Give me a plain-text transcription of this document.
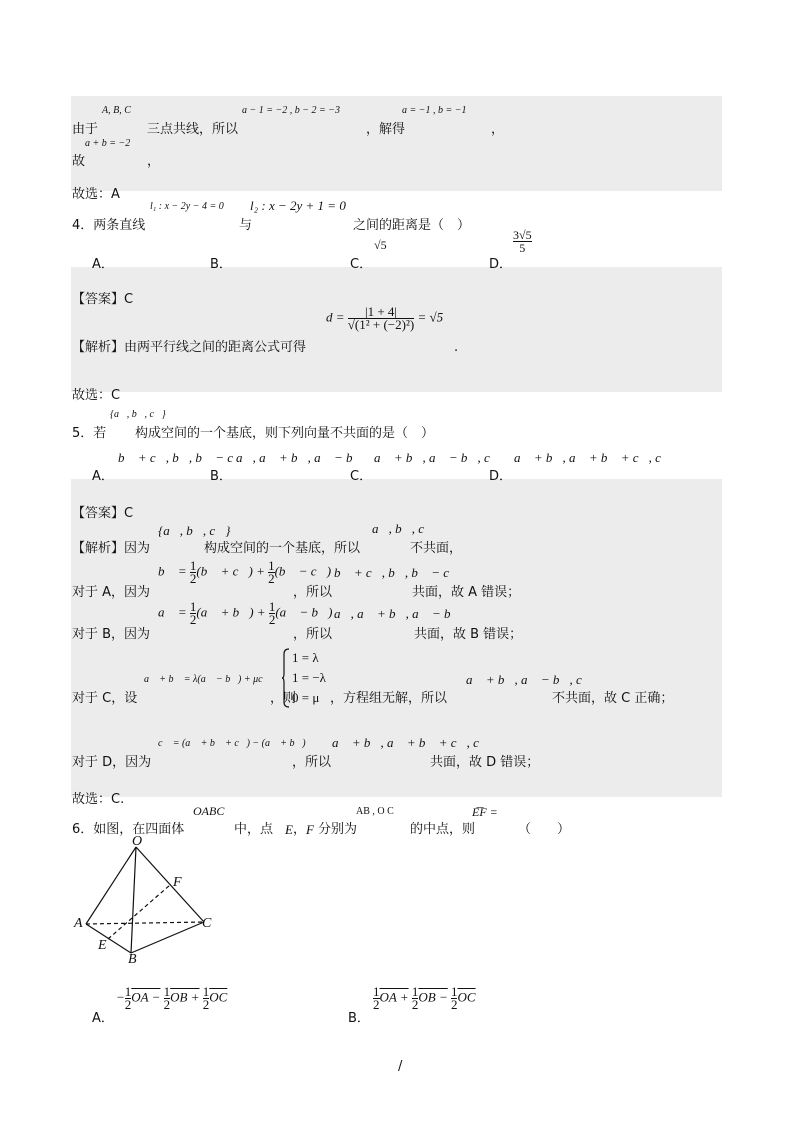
A, B, C	a − 1 = −2 , b − 2 = −3	a = −1 , b = −1
由于	三点共线，所以	，解得	，
a + b = −2
故	，
故选：A
l₁ : x − 2y − 4 = 0 l₂ : x − 2y + 1 = 0
4．两条直线	与	之间的距离是（　）
A．	B．	C．
√5
D．
$\frac{3√5}{5}$
【答案】C
$d = \frac{|1 + 4|}{\text{√(1² + (−2)²)}} = √5$
【解析】由两平行线之间的距离公式可得	.
故选：C
{a⃗, b⃗, c⃗}
5．若 构成空间的一个基底，则下列向量不共面的是（　）
b⃗ + c⃗, b⃗, b⃗ − c⃗
a⃗, a⃗ + b⃗, a⃗ − b⃗ a⃗ + b⃗, a⃗ − b⃗, c⃗ a⃗ + b⃗, a⃗ + b⃗ + c⃗, c⃗
A．	B．	C．	D．
【答案】C
{a⃗, b⃗, c⃗}	a⃗, b⃗, c⃗
【解析】因为	构成空间的一个基底，所以	不共面，
b⃗ = $\frac{1}{2}$ (b⃗ + c⃗) + $\frac{1}{2}$ (b⃗ − c⃗) b⃗ + c⃗, b⃗, b⃗ − c⃗
对于 A，因为	，所以	共面，故 A 错误；
a⃗ = $\frac{1}{2}$ (a⃗ + b⃗) + $\frac{1}{2}$ (a⃗ − b⃗) a⃗, a⃗ + b⃗, a⃗ − b⃗
对于 B，因为	，所以	共面，故 B 错误；
a⃗ + b⃗ = λ(a⃗ − b⃗) + μc⃗
1 = λ
1 = −λ
0 = μ
a⃗ + b⃗, a⃗ − b⃗, c⃗
对于 C，设	，则	，方程组无解，所以	不共面，故 C 正确；
c⃗ = (a⃗ + b⃗ + c⃗) − (a⃗ + b⃗) a⃗ + b⃗, a⃗ + b⃗ + c⃗, c⃗
对于 D，因为	，所以	共面，故 D 错误；
故选：C.
OABC	AB , O C	E͞F =
6．如图，在四面体	中，点 E ， F 分别为	的中点，则	（　　）
O
F
A	C
E
B
− $\frac{1}{2}$ OA − $\frac{1}{2}$ OB + $\frac{1}{2} \overline{OC}$	$\frac{1}{2}$ OA + $\frac{1}{2}$ OB − $\frac{1}{2} \overline{OC}$
A．	B．
/
